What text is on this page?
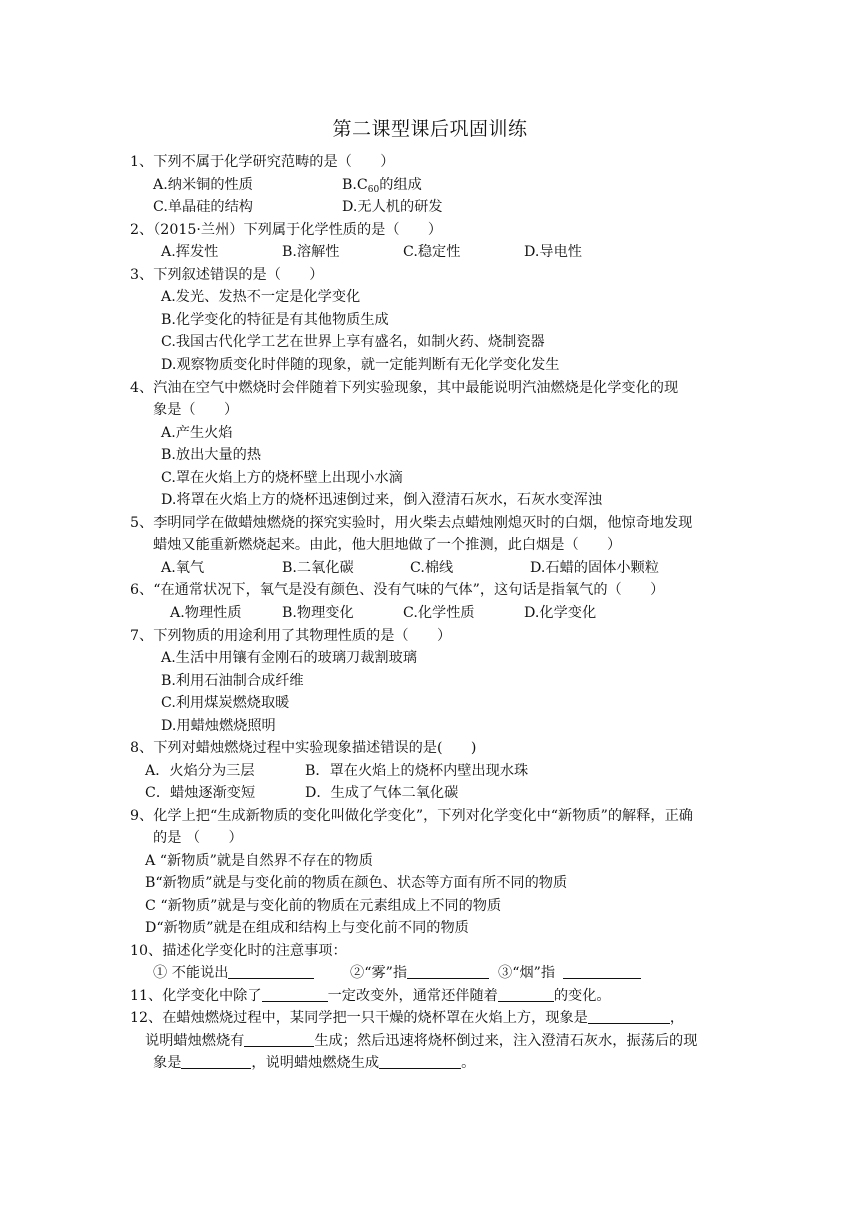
第二课型课后巩固训练
1、下列不属于化学研究范畴的是（　　）
A.纳米铜的性质	$B.C_{60}$的组成
C.单晶硅的结构	D.无人机的研发
2、（2015·兰州）下列属于化学性质的是（　　）
A.挥发性	B.溶解性	C.稳定性	D.导电性
3、下列叙述错误的是（　　）
A.发光、发热不一定是化学变化
B.化学变化的特征是有其他物质生成
C.我国古代化学工艺在世界上享有盛名，如制火药、烧制瓷器
D.观察物质变化时伴随的现象，就一定能判断有无化学变化发生
4、汽油在空气中燃烧时会伴随着下列实验现象，其中最能说明汽油燃烧是化学变化的现
象是（　　）
A.产生火焰
B.放出大量的热
C.罩在火焰上方的烧杯壁上出现小水滴
D.将罩在火焰上方的烧杯迅速倒过来，倒入澄清石灰水，石灰水变浑浊
5、李明同学在做蜡烛燃烧的探究实验时，用火柴去点蜡烛刚熄灭时的白烟，他惊奇地发现
蜡烛又能重新燃烧起来。由此，他大胆地做了一个推测，此白烟是（　　）
A.氧气	B.二氧化碳	C.棉线	D.石蜡的固体小颗粒
6、“在通常状况下，氧气是没有颜色、没有气味的气体”，这句话是指氧气的（　　）
A.物理性质	B.物理变化	C.化学性质	D.化学变化
7、下列物质的用途利用了其物理性质的是（　　）
A.生活中用镶有金刚石的玻璃刀裁割玻璃
B.利用石油制合成纤维
C.利用煤炭燃烧取暖
D.用蜡烛燃烧照明
8、下列对蜡烛燃烧过程中实验现象描述错误的是(　　)
A．火焰分为三层	B．罩在火焰上的烧杯内壁出现水珠
C．蜡烛逐渐变短	D．生成了气体二氧化碳
9、化学上把“生成新物质的变化叫做化学变化”，下列对化学变化中“新物质”的解释，正确
的是 （　　）
A “新物质”就是自然界不存在的物质
B“新物质”就是与变化前的物质在颜色、状态等方面有所不同的物质
C “新物质”就是与变化前的物质在元素组成上不同的物质
D“新物质”就是在组成和结构上与变化前不同的物质
10、描述化学变化时的注意事项：
① 不能说出	②“雾”指	③“烟”指
11、化学变化中除了	一定改变外，通常还伴随着	的变化。
12、在蜡烛燃烧过程中，某同学把一只干燥的烧杯罩在火焰上方，现象是	，
说明蜡烛燃烧有	生成；然后迅速将烧杯倒过来，注入澄清石灰水，振荡后的现
象是	，说明蜡烛燃烧生成	。
